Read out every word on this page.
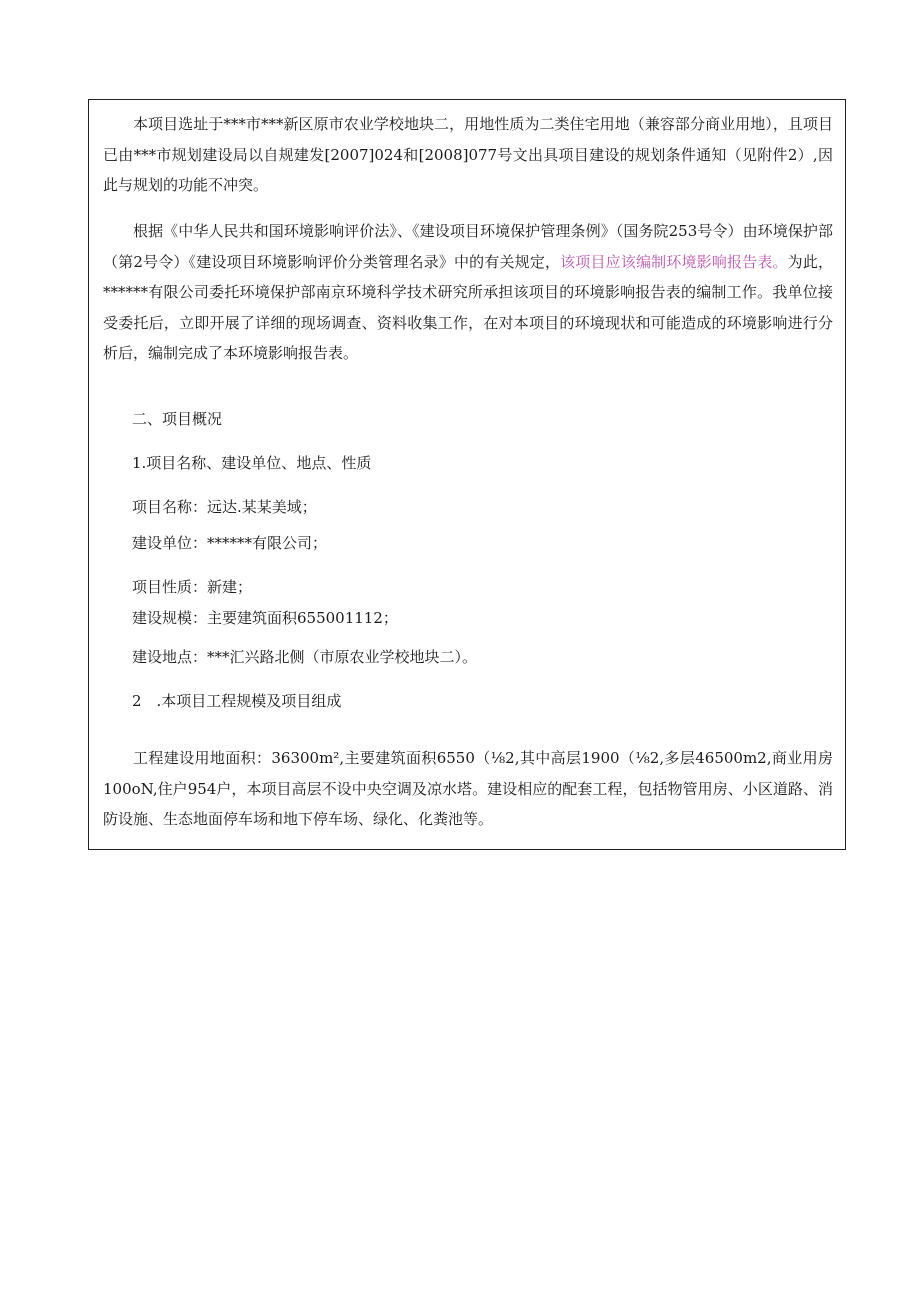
本项目选址于***市***新区原市农业学校地块二，用地性质为二类住宅用地（兼容部分商业用地），且项目已由***市规划建设局以自规建发[2007]024和[2008]077号文出具项目建设的规划条件通知（见附件2）,因此与规划的功能不冲突。

根据《中华人民共和国环境影响评价法》、《建设项目环境保护管理条例》（国务院253号令）由环境保护部（第2号令）《建设项目环境影响评价分类管理名录》中的有关规定，该项目应该编制环境影响报告表。为此，******有限公司委托环境保护部南京环境科学技术研究所承担该项目的环境影响报告表的编制工作。我单位接受委托后，立即开展了详细的现场调查、资料收集工作，在对本项目的环境现状和可能造成的环境影响进行分析后，编制完成了本环境影响报告表。

二、项目概况

1.项目名称、建设单位、地点、性质

项目名称：远达.某某美域；

建设单位：******有限公司；

项目性质：新建；

建设规模：主要建筑面积655001112；

建设地点：***汇兴路北侧（市原农业学校地块二）。

2　.本项目工程规模及项目组成

工程建设用地面积：36300m²,主要建筑面积6550（⅛2,其中高层1900（⅛2,多层46500m2,商业用房100oN,住户954户，本项目高层不设中央空调及凉水塔。建设相应的配套工程，包括物管用房、小区道路、消防设施、生态地面停车场和地下停车场、绿化、化粪池等。
